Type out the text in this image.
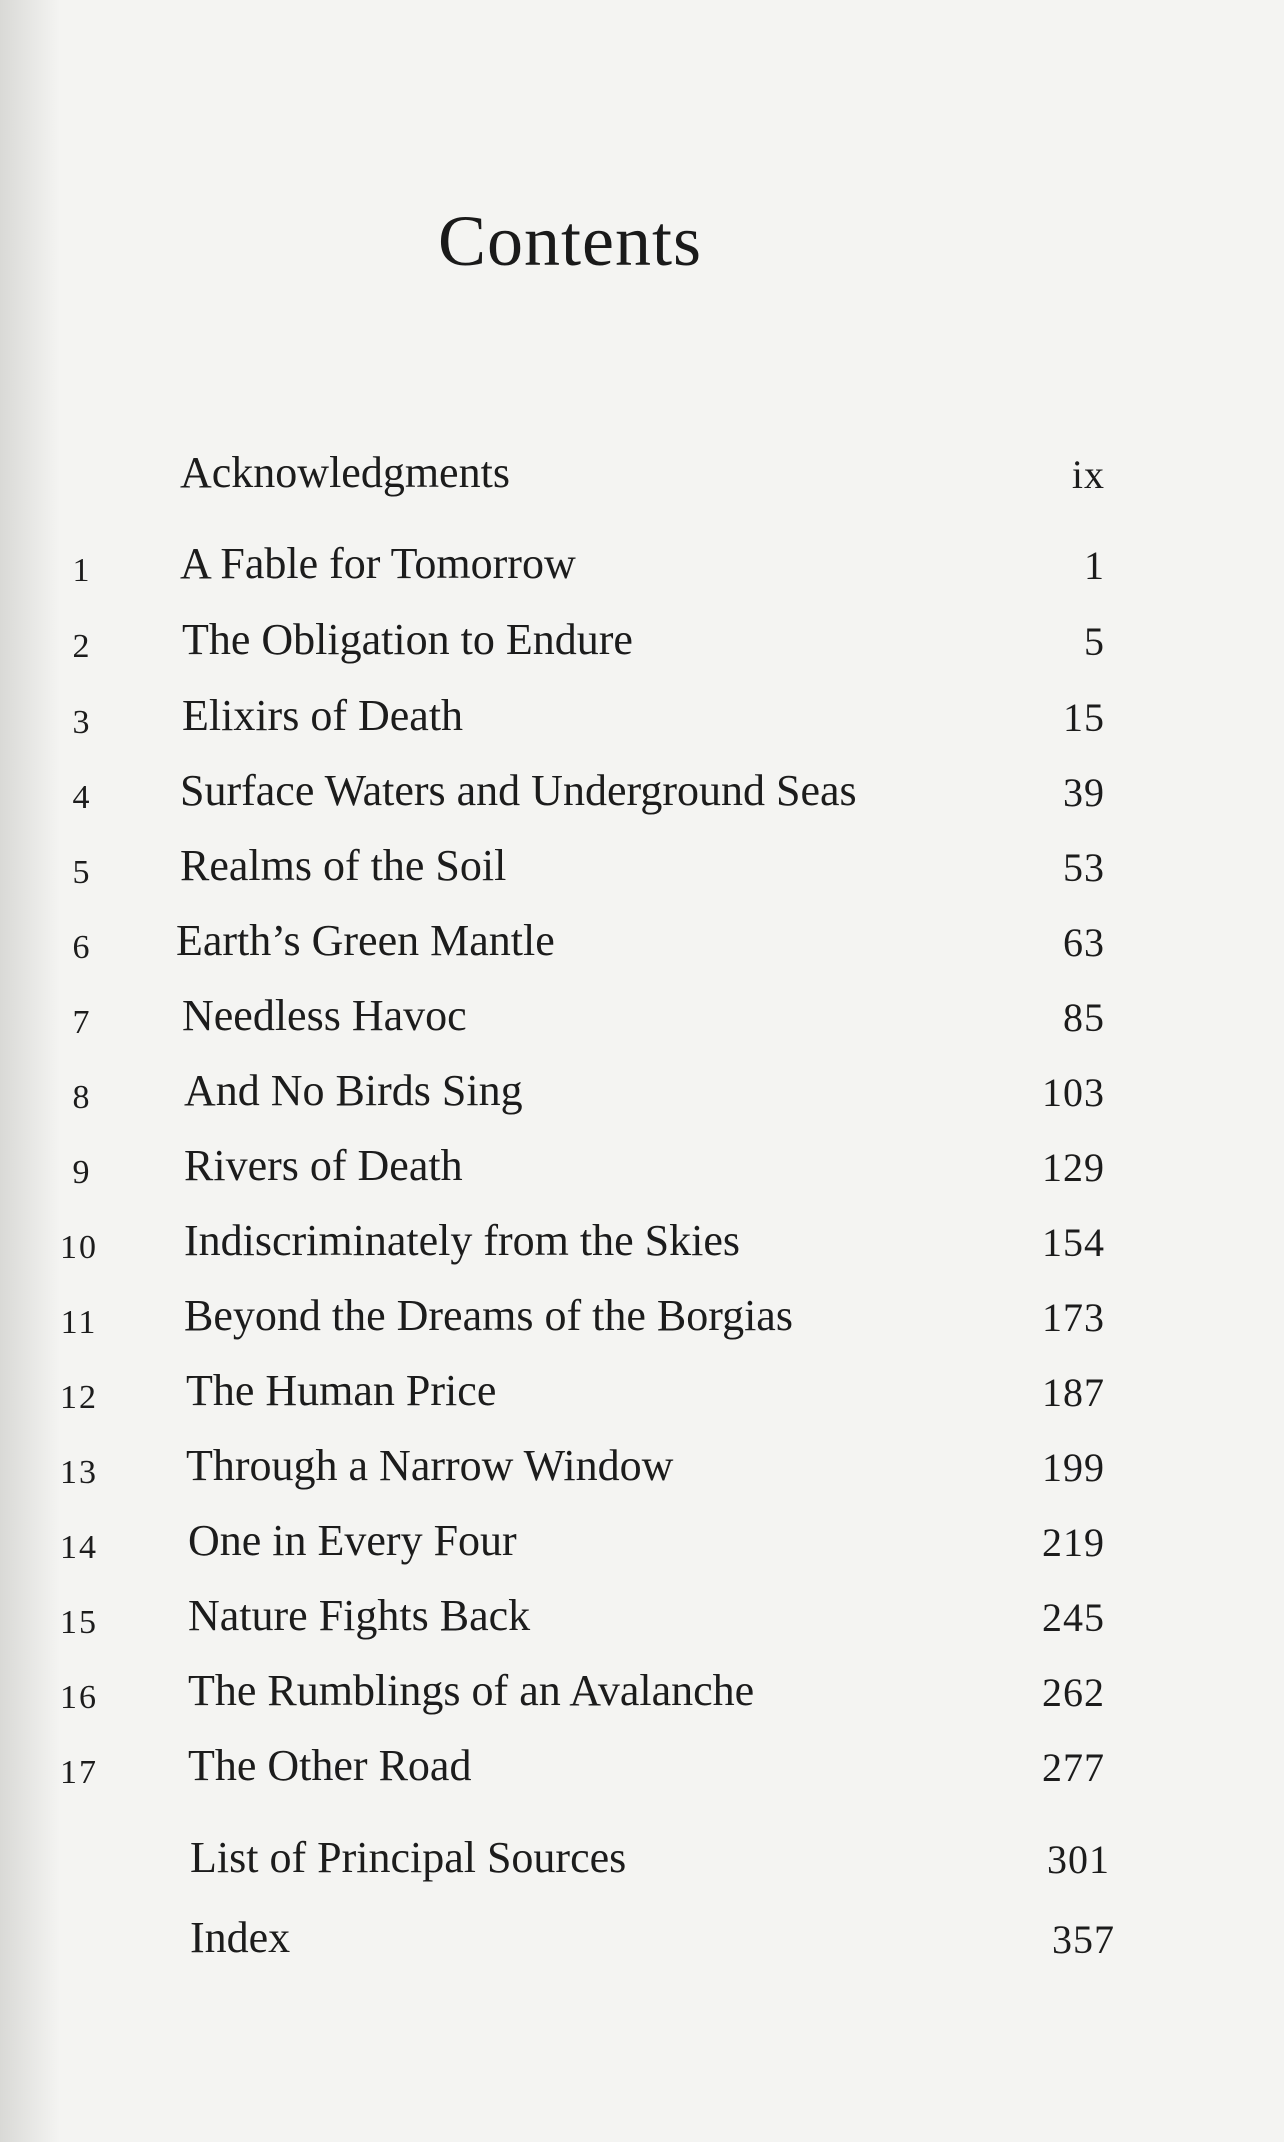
Contents
Acknowledgments	ix
1	A Fable for Tomorrow	1
2	The Obligation to Endure	5
3	Elixirs of Death	15
4	Surface Waters and Underground Seas	39
5	Realms of the Soil	53
6	Earth’s Green Mantle	63
7	Needless Havoc	85
8	And No Birds Sing	103
9	Rivers of Death	129
10	Indiscriminately from the Skies	154
11	Beyond the Dreams of the Borgias	173
12	The Human Price	187
13	Through a Narrow Window	199
14	One in Every Four	219
15	Nature Fights Back	245
16	The Rumblings of an Avalanche	262
17	The Other Road	277
List of Principal Sources	301
Index	357
